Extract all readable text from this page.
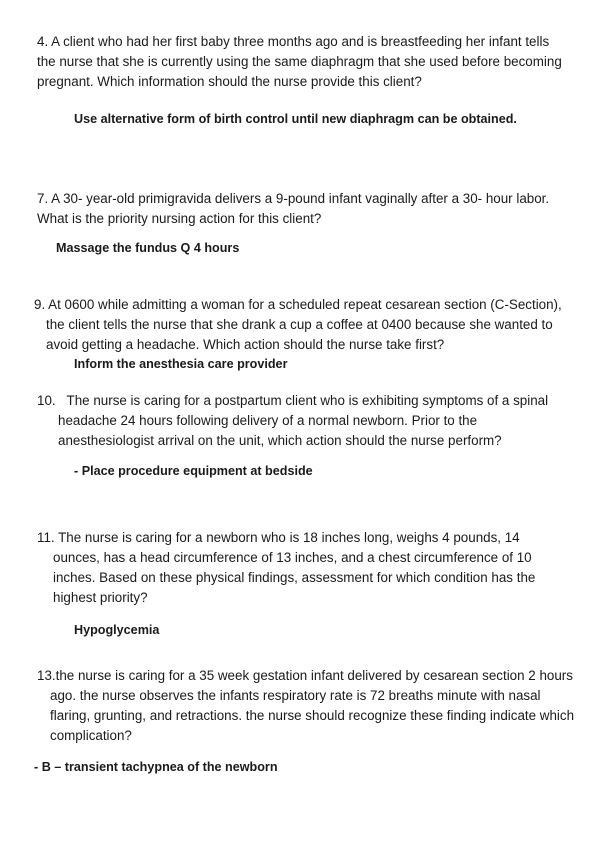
4. A client who had her first baby three months ago and is breastfeeding her infant tells the nurse that she is currently using the same diaphragm that she used before becoming pregnant. Which information should the nurse provide this client?

Use alternative form of birth control until new diaphragm can be obtained.

7. A 30- year-old primigravida delivers a 9-pound infant vaginally after a 30- hour labor. What is the priority nursing action for this client?

Massage the fundus Q 4 hours

9. At 0600 while admitting a woman for a scheduled repeat cesarean section (C-Section), the client tells the nurse that she drank a cup a coffee at 0400 because she wanted to avoid getting a headache. Which action should the nurse take first?

Inform the anesthesia care provider

10. The nurse is caring for a postpartum client who is exhibiting symptoms of a spinal headache 24 hours following delivery of a normal newborn. Prior to the anesthesiologist arrival on the unit, which action should the nurse perform?

- Place procedure equipment at bedside

11. The nurse is caring for a newborn who is 18 inches long, weighs 4 pounds, 14 ounces, has a head circumference of 13 inches, and a chest circumference of 10 inches. Based on these physical findings, assessment for which condition has the highest priority?

Hypoglycemia

13.the nurse is caring for a 35 week gestation infant delivered by cesarean section 2 hours ago. the nurse observes the infants respiratory rate is 72 breaths minute with nasal flaring, grunting, and retractions. the nurse should recognize these finding indicate which complication?

- B – transient tachypnea of the newborn
